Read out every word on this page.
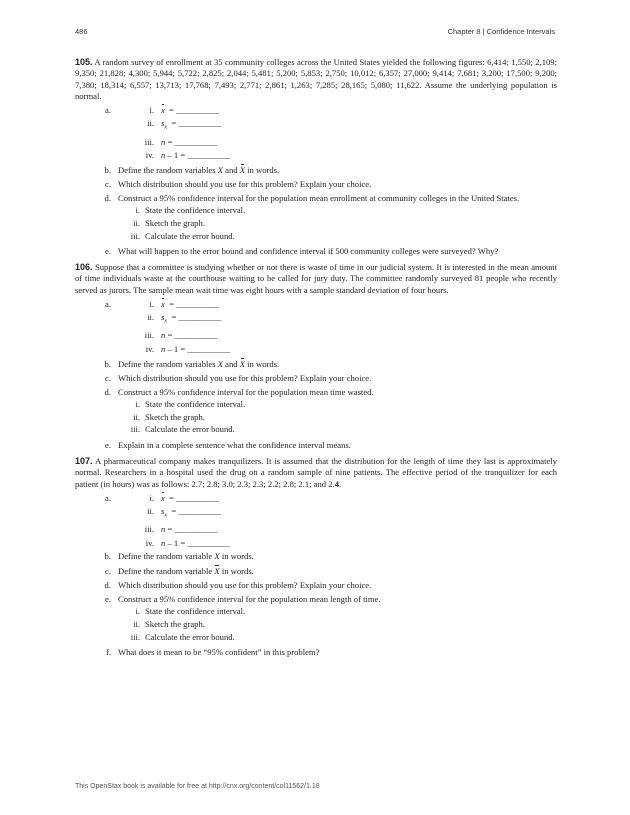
486	Chapter 8 | Confidence Intervals

105. A random survey of enrollment at 35 community colleges across the United States yielded the following figures: 6,414; 1,550; 2,109; 9,350; 21,828; 4,300; 5,944; 5,722; 2,825; 2,044; 5,481; 5,200; 5,853; 2,750; 10,012; 6,357; 27,000; 9,414; 7,681; 3,200; 17,500; 9,200; 7,380; 18,314; 6,557; 13,713; 17,768; 7,493; 2,771; 2,861; 1,263; 7,285; 28,165; 5,080; 11,622. Assume the underlying population is normal.

a.	i. x = __________
ii. $s_x$ = __________
iii. n = __________
iv. n – 1 = __________
b. Define the random variables X and X in words.
c. Which distribution should you use for this problem? Explain your choice.
d. Construct a 95% confidence interval for the population mean enrollment at community colleges in the United States.
i. State the confidence interval.
ii. Sketch the graph.
iii. Calculate the error bound.
e. What will happen to the error bound and confidence interval if 500 community colleges were surveyed? Why?

106. Suppose that a committee is studying whether or not there is waste of time in our judicial system. It is interested in the mean amount of time individuals waste at the courthouse waiting to be called for jury duty. The committee randomly surveyed 81 people who recently served as jurors. The sample mean wait time was eight hours with a sample standard deviation of four hours.

a.	i. x = __________
ii. $s_x$ = __________
iii. n = __________
iv. n – 1 = __________
b. Define the random variables X and X in words.
c. Which distribution should you use for this problem? Explain your choice.
d. Construct a 95% confidence interval for the population mean time wasted.
i. State the confidence interval.
ii. Sketch the graph.
iii. Calculate the error bound.
e. Explain in a complete sentence what the confidence interval means.

107. A pharmaceutical company makes tranquilizers. It is assumed that the distribution for the length of time they last is approximately normal. Researchers in a hospital used the drug on a random sample of nine patients. The effective period of the tranquilizer for each patient (in hours) was as follows: 2.7; 2.8; 3.0; 2.3; 2.3; 2.2; 2.8; 2.1; and 2.4.

a.	i. x = __________
ii. $s_x$ = __________
iii. n = __________
iv. n – 1 = __________
b. Define the random variable X in words.
c. Define the random variable X in words.
d. Which distribution should you use for this problem? Explain your choice.
e. Construct a 95% confidence interval for the population mean length of time.
i. State the confidence interval.
ii. Sketch the graph.
iii. Calculate the error bound.
f. What does it mean to be “95% confident” in this problem?
This OpenStax book is available for free at http://cnx.org/content/col11562/1.18
